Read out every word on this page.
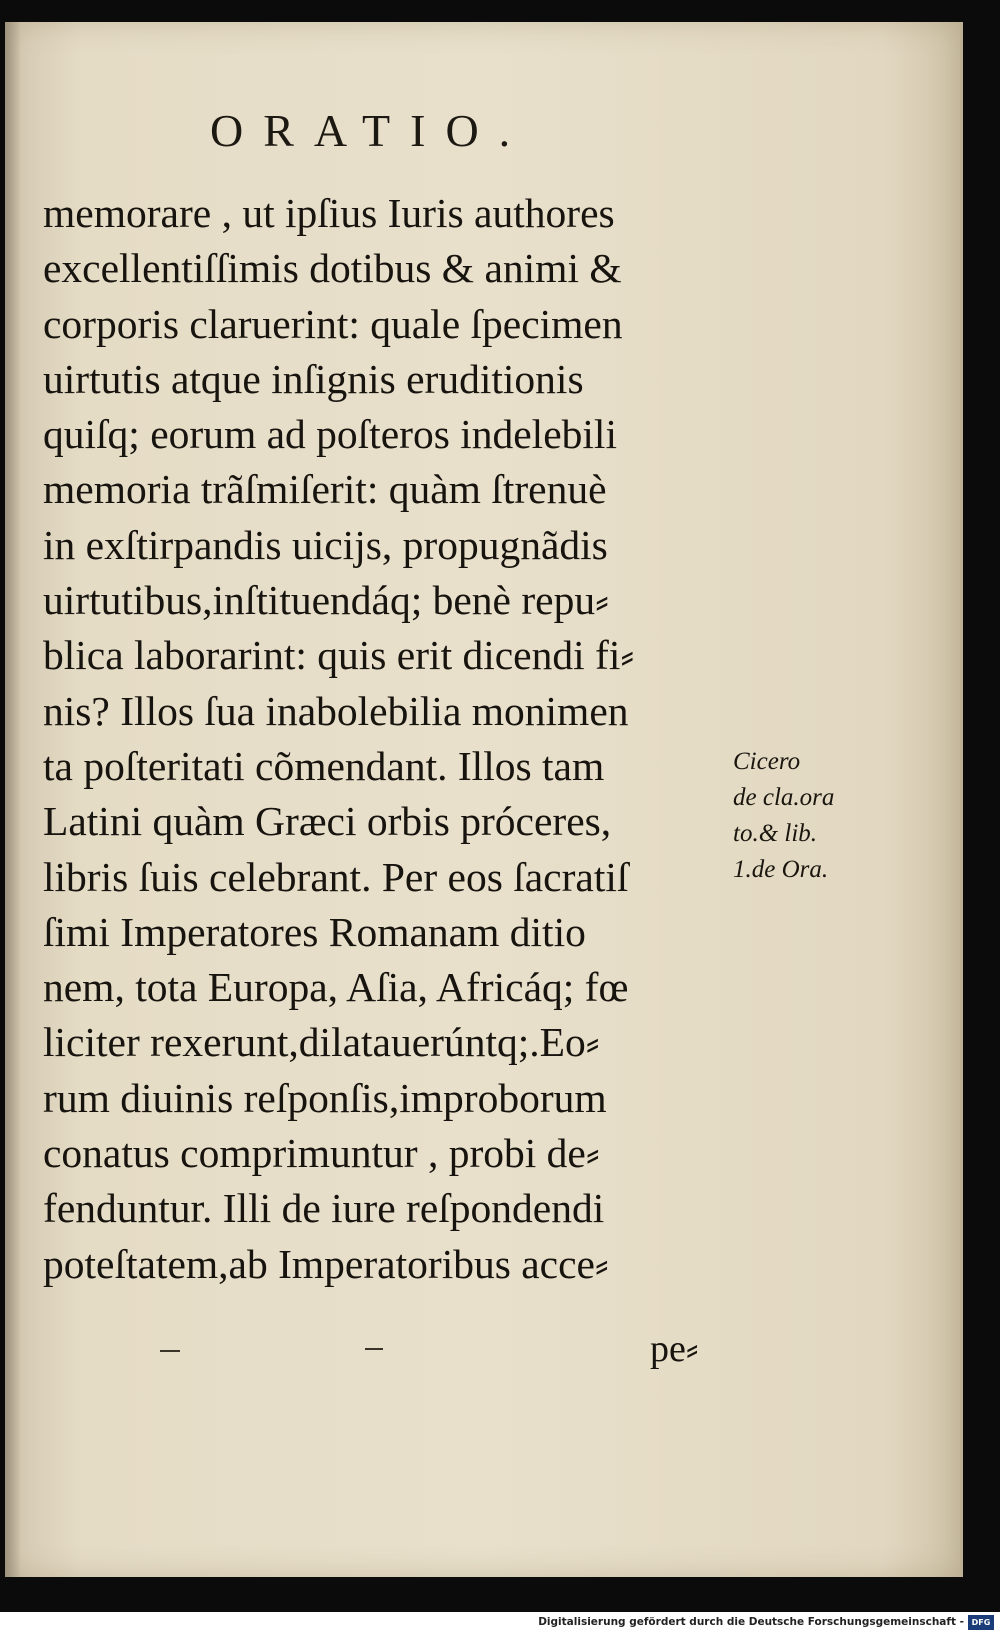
ORATIO.
memorare , ut ipſius Iuris authores
excellentiſſimis dotibus & animi &
corporis claruerint: quale ſpecimen
uirtutis atque inſignis eruditionis
quiſq; eorum ad poſteros indelebili
memoria trãſmiſerit: quàm ſtrenuè
in exſtirpandis uicijs, propugnãdis
uirtutibus,inſtituendáq; benè repu⸗
blica laborarint: quis erit dicendi fi⸗
nis? Illos ſua inabolebilia monimen
ta poſteritati cõmendant. Illos tam
Latini quàm Græci orbis próceres,
libris ſuis celebrant. Per eos ſacratiſ
ſimi Imperatores Romanam ditio
nem, tota Europa, Aſia, Africáq; fœ
liciter rexerunt,dilatauerúntq;.Eo⸗
rum diuinis reſponſis,improborum
conatus comprimuntur , probi de⸗
fenduntur. Illi de iure reſpondendi
poteſtatem,ab Imperatoribus acce⸗
pe⸗
Cicero
de cla.ora
to.& lib.
1.de Ora.
Digitalisierung gefördert durch die Deutsche Forschungsgemeinschaft - DFG
